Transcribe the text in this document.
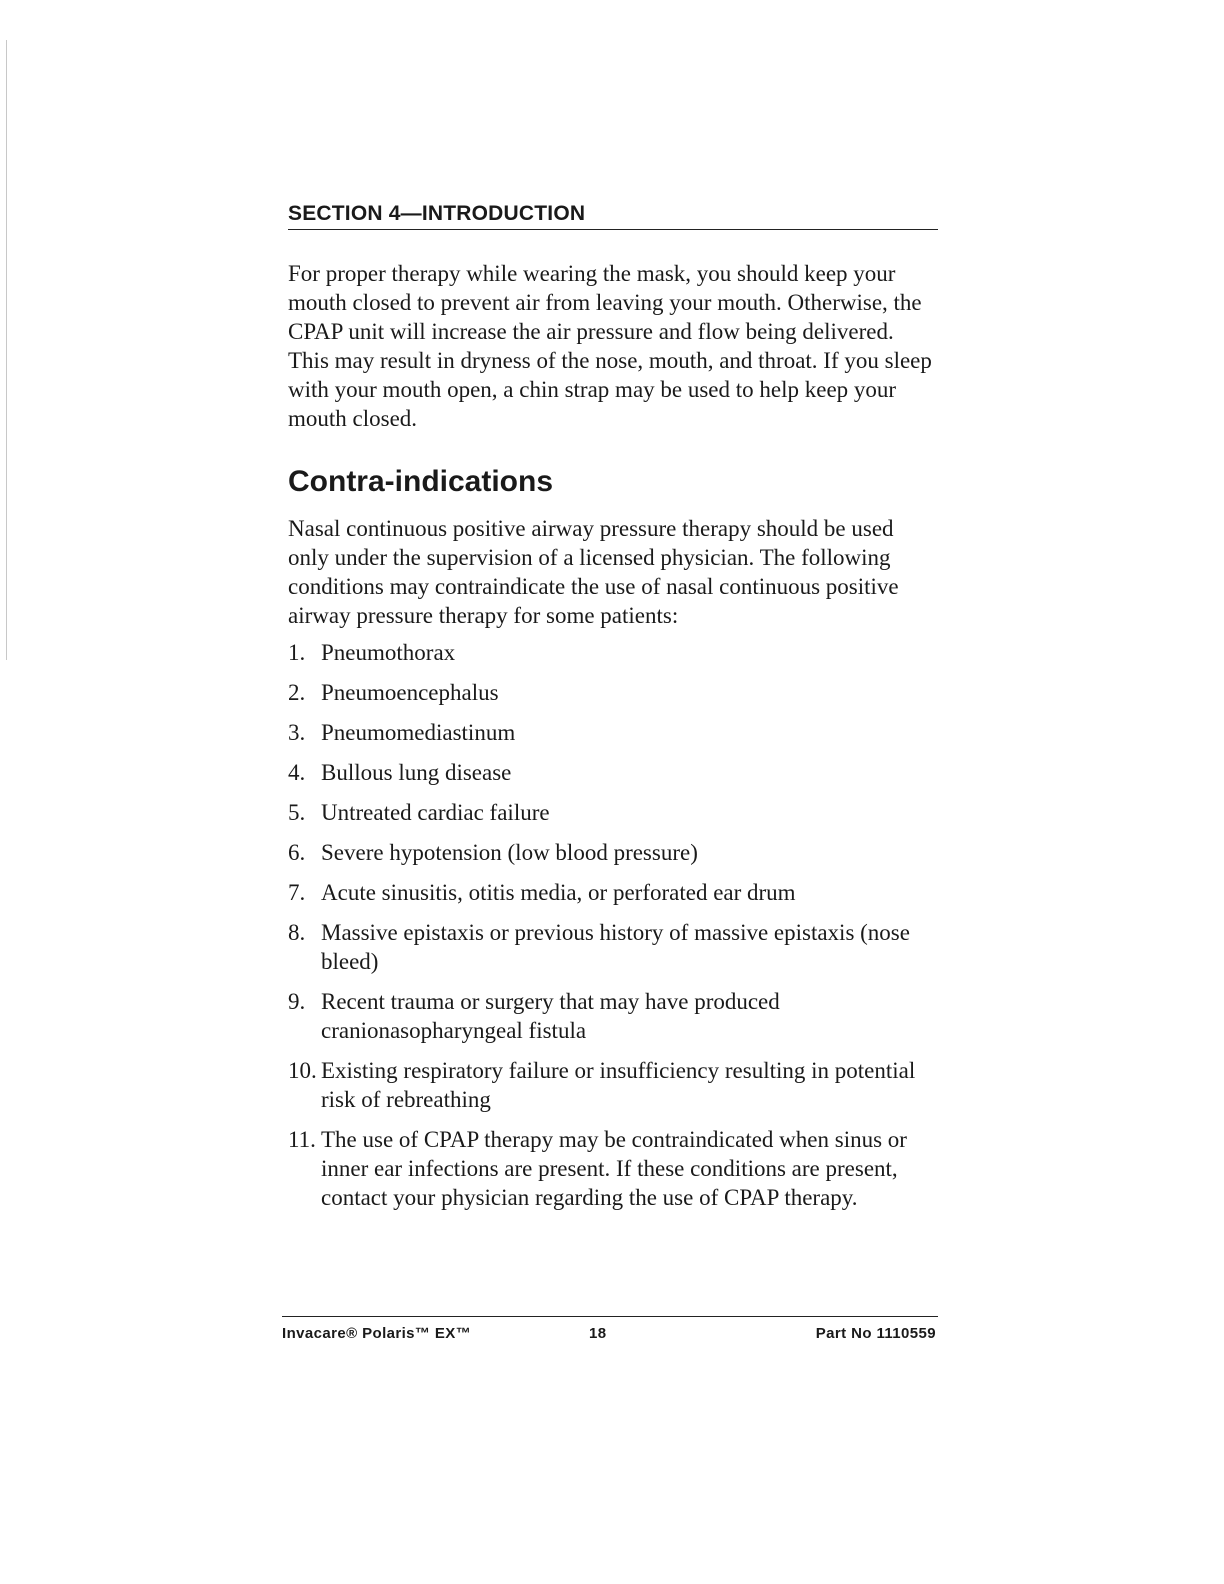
SECTION 4—INTRODUCTION

For proper therapy while wearing the mask, you should keep your mouth closed to prevent air from leaving your mouth. Otherwise, the CPAP unit will increase the air pressure and flow being delivered. This may result in dryness of the nose, mouth, and throat. If you sleep with your mouth open, a chin strap may be used to help keep your mouth closed.

Contra-indications

Nasal continuous positive airway pressure therapy should be used only under the supervision of a licensed physician. The following conditions may contraindicate the use of nasal continuous positive airway pressure therapy for some patients:

1. Pneumothorax
2. Pneumoencephalus
3. Pneumomediastinum
4. Bullous lung disease
5. Untreated cardiac failure
6. Severe hypotension (low blood pressure)
7. Acute sinusitis, otitis media, or perforated ear drum
8. Massive epistaxis or previous history of massive epistaxis (nose bleed)
9. Recent trauma or surgery that may have produced cranionasopharyngeal fistula
10. Existing respiratory failure or insufficiency resulting in potential risk of rebreathing
11. The use of CPAP therapy may be contraindicated when sinus or inner ear infections are present. If these conditions are present, contact your physician regarding the use of CPAP therapy.
Invacare® Polaris™ EX™	18	Part No 1110559
